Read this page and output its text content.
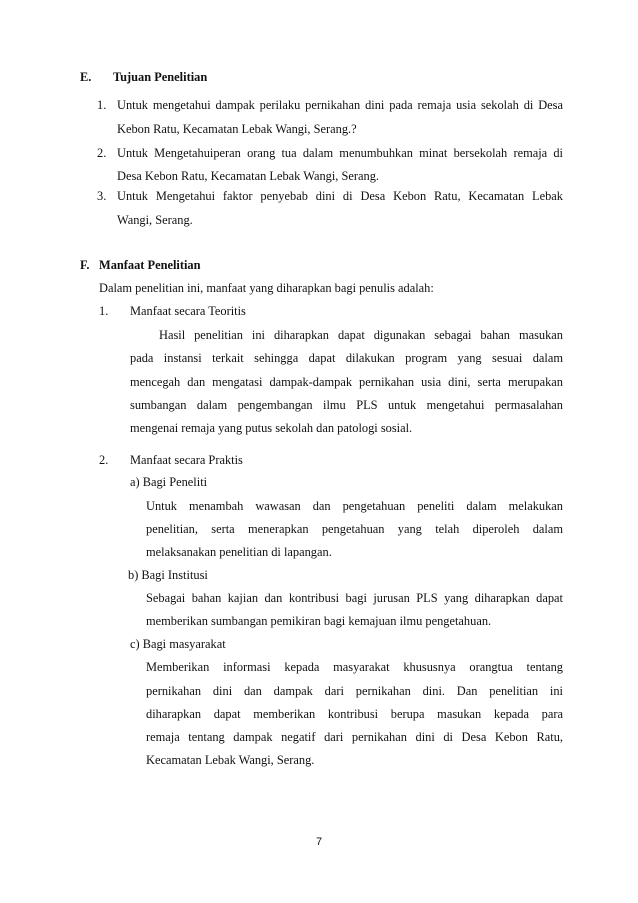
E. Tujuan Penelitian
1. Untuk mengetahui dampak perilaku pernikahan dini pada remaja usia sekolah di Desa
Kebon Ratu, Kecamatan Lebak Wangi, Serang.?
2. Untuk Mengetahuiperan orang tua dalam menumbuhkan minat bersekolah remaja di
Desa Kebon Ratu, Kecamatan Lebak Wangi, Serang.
3. Untuk Mengetahui faktor penyebab dini di Desa Kebon Ratu, Kecamatan Lebak
Wangi, Serang.
F. Manfaat Penelitian
Dalam penelitian ini, manfaat yang diharapkan bagi penulis adalah:
1. Manfaat secara Teoritis
Hasil penelitian ini diharapkan dapat digunakan sebagai bahan masukan
pada instansi terkait sehingga dapat dilakukan program yang sesuai dalam
mencegah dan mengatasi dampak-dampak pernikahan usia dini, serta merupakan
sumbangan dalam pengembangan ilmu PLS untuk mengetahui permasalahan
mengenai remaja yang putus sekolah dan patologi sosial.
2. Manfaat secara Praktis
a) Bagi Peneliti
Untuk menambah wawasan dan pengetahuan peneliti dalam melakukan
penelitian, serta menerapkan pengetahuan yang telah diperoleh dalam
melaksanakan penelitian di lapangan.
b) Bagi Institusi
Sebagai bahan kajian dan kontribusi bagi jurusan PLS yang diharapkan dapat
memberikan sumbangan pemikiran bagi kemajuan ilmu pengetahuan.
c) Bagi masyarakat
Memberikan informasi kepada masyarakat khususnya orangtua tentang
pernikahan dini dan dampak dari pernikahan dini. Dan penelitian ini
diharapkan dapat memberikan kontribusi berupa masukan kepada para
remaja tentang dampak negatif dari pernikahan dini di Desa Kebon Ratu,
Kecamatan Lebak Wangi, Serang.
7
